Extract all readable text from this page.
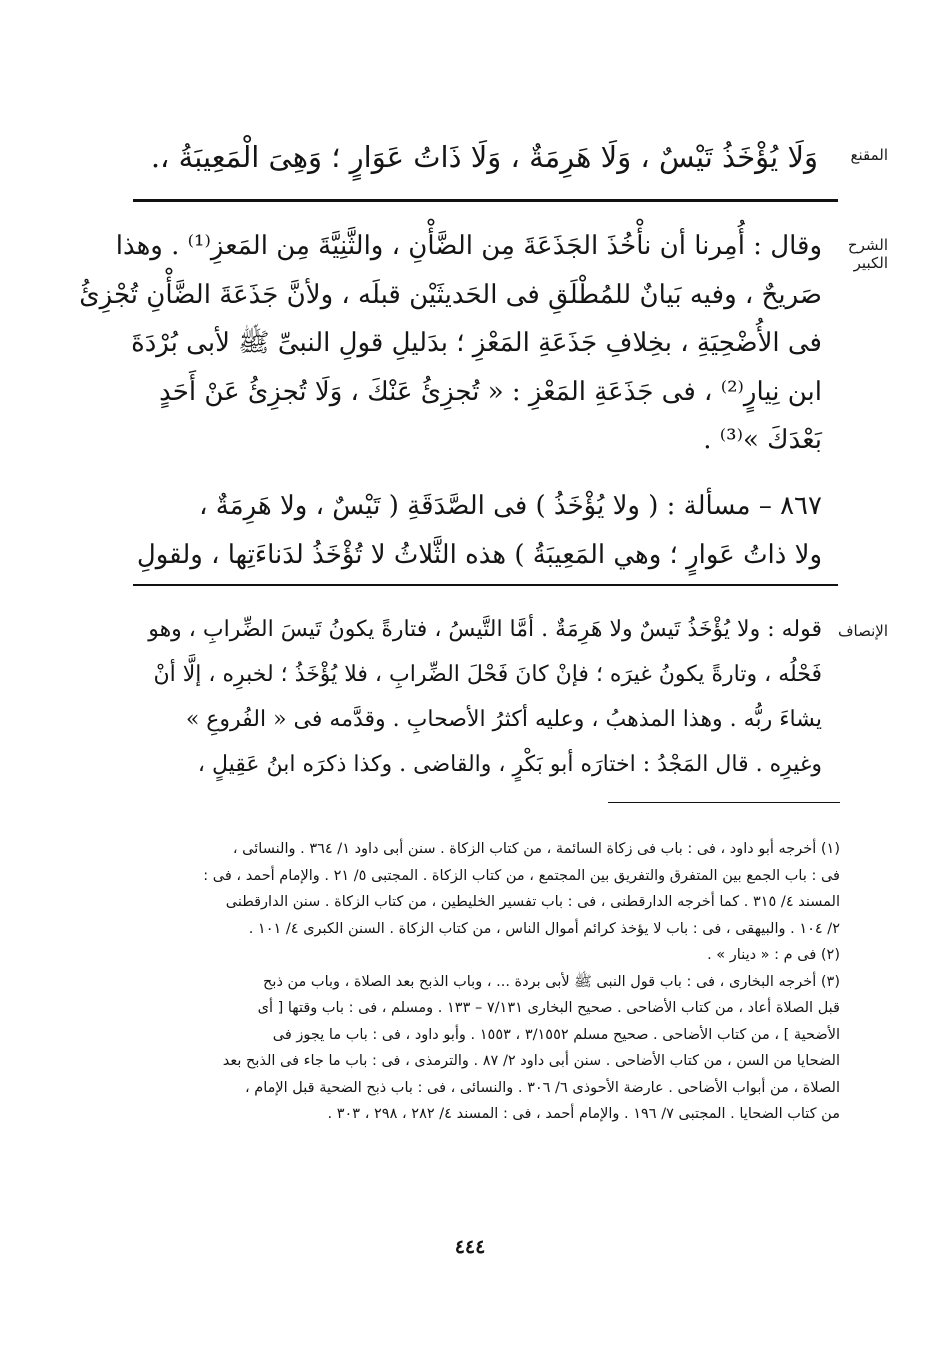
المقنع
وَلَا يُؤْخَذُ تَيْسٌ ، وَلَا هَرِمَةٌ ، وَلَا ذَاتُ عَوَارٍ ؛ وَهِىَ الْمَعِيبَةُ ،.
الشرح الكبير
وقال : أُمِرنا أن نأْخُذَ الجَذَعَةَ مِن الضَّأْنِ ، والثَّنِيَّةَ مِن المَعزِ⁽¹⁾ . وهذا
صَريحٌ ، وفيه بَيانٌ للمُطْلَقِ فى الحَديثَيْن قبلَه ، ولأنَّ جَذَعَةَ الضَّأْنِ تُجْزِئُ
فى الأُضْحِيَةِ ، بخِلافِ جَذَعَةِ المَعْزِ ؛ بدَليلِ قولِ النبىِّ ﷺ لأبى بُرْدَةَ
ابن نِيارٍ⁽²⁾ ، فى جَذَعَةِ المَعْزِ : « تُجزِئُ عَنْكَ ، وَلَا تُجزِئُ عَنْ أَحَدٍ
بَعْدَكَ »⁽³⁾ .
٨٦٧ – مسألة : ( ولا يُؤْخَذُ ) فى الصَّدَقَةِ ( تَيْسٌ ، ولا هَرِمَةٌ ،
ولا ذاتُ عَوارٍ ؛ وهي المَعِيبَةُ ) هذه الثَّلاثُ لا تُؤْخَذُ لدَناءَتِها ، ولقولِ
الإنصاف
قوله : ولا يُؤْخَذُ تَيسٌ ولا هَرِمَةٌ . أمَّا التَّيسُ ، فتارةً يكونُ تَيسَ الضِّرابِ ، وهو
فَحْلُه ، وتارةً يكونُ غيرَه ؛ فإنْ كانَ فَحْلَ الضِّرابِ ، فلا يُؤْخَذُ ؛ لخبرِه ، إلَّا أنْ
يشاءَ ربُّه . وهذا المذهبُ ، وعليه أكثرُ الأصحابِ . وقدَّمه فى « الفُروعِ »
وغيرِه . قال المَجْدُ : اختارَه أبو بَكْرٍ ، والقاضى . وكذا ذكرَه ابنُ عَقِيلٍ ،
(١) أخرجه أبو داود ، فى : باب فى زكاة السائمة ، من كتاب الزكاة . سنن أبى داود ١/ ٣٦٤ . والنسائى ،
فى : باب الجمع بين المتفرق والتفريق بين المجتمع ، من كتاب الزكاة . المجتبى ٥/ ٢١ . والإمام أحمد ، فى :
المسند ٤/ ٣١٥ . كما أخرجه الدارقطنى ، فى : باب تفسير الخليطين ، من كتاب الزكاة . سنن الدارقطنى
٢/ ١٠٤ . والبيهقى ، فى : باب لا يؤخذ كرائم أموال الناس ، من كتاب الزكاة . السنن الكبرى ٤/ ١٠١ .
(٢) فى م : « دينار » .
(٣) أخرجه البخارى ، فى : باب قول النبى ﷺ لأبى بردة ... ، وباب الذبح بعد الصلاة ، وباب من ذبح
قبل الصلاة أعاد ، من كتاب الأضاحى . صحيح البخارى ٧/١٣١ – ١٣٣ . ومسلم ، فى : باب وقتها [ أى
الأضحية ] ، من كتاب الأضاحى . صحيح مسلم ٣/١٥٥٢ ، ١٥٥٣ . وأبو داود ، فى : باب ما يجوز فى
الضحايا من السن ، من كتاب الأضاحى . سنن أبى داود ٢/ ٨٧ . والترمذى ، فى : باب ما جاء فى الذبح بعد
الصلاة ، من أبواب الأضاحى . عارضة الأحوذى ٦/ ٣٠٦ . والنسائى ، فى : باب ذبح الضحية قبل الإمام ،
من كتاب الضحايا . المجتبى ٧/ ١٩٦ . والإمام أحمد ، فى : المسند ٤/ ٢٨٢ ، ٢٩٨ ، ٣٠٣ .
٤٤٤
